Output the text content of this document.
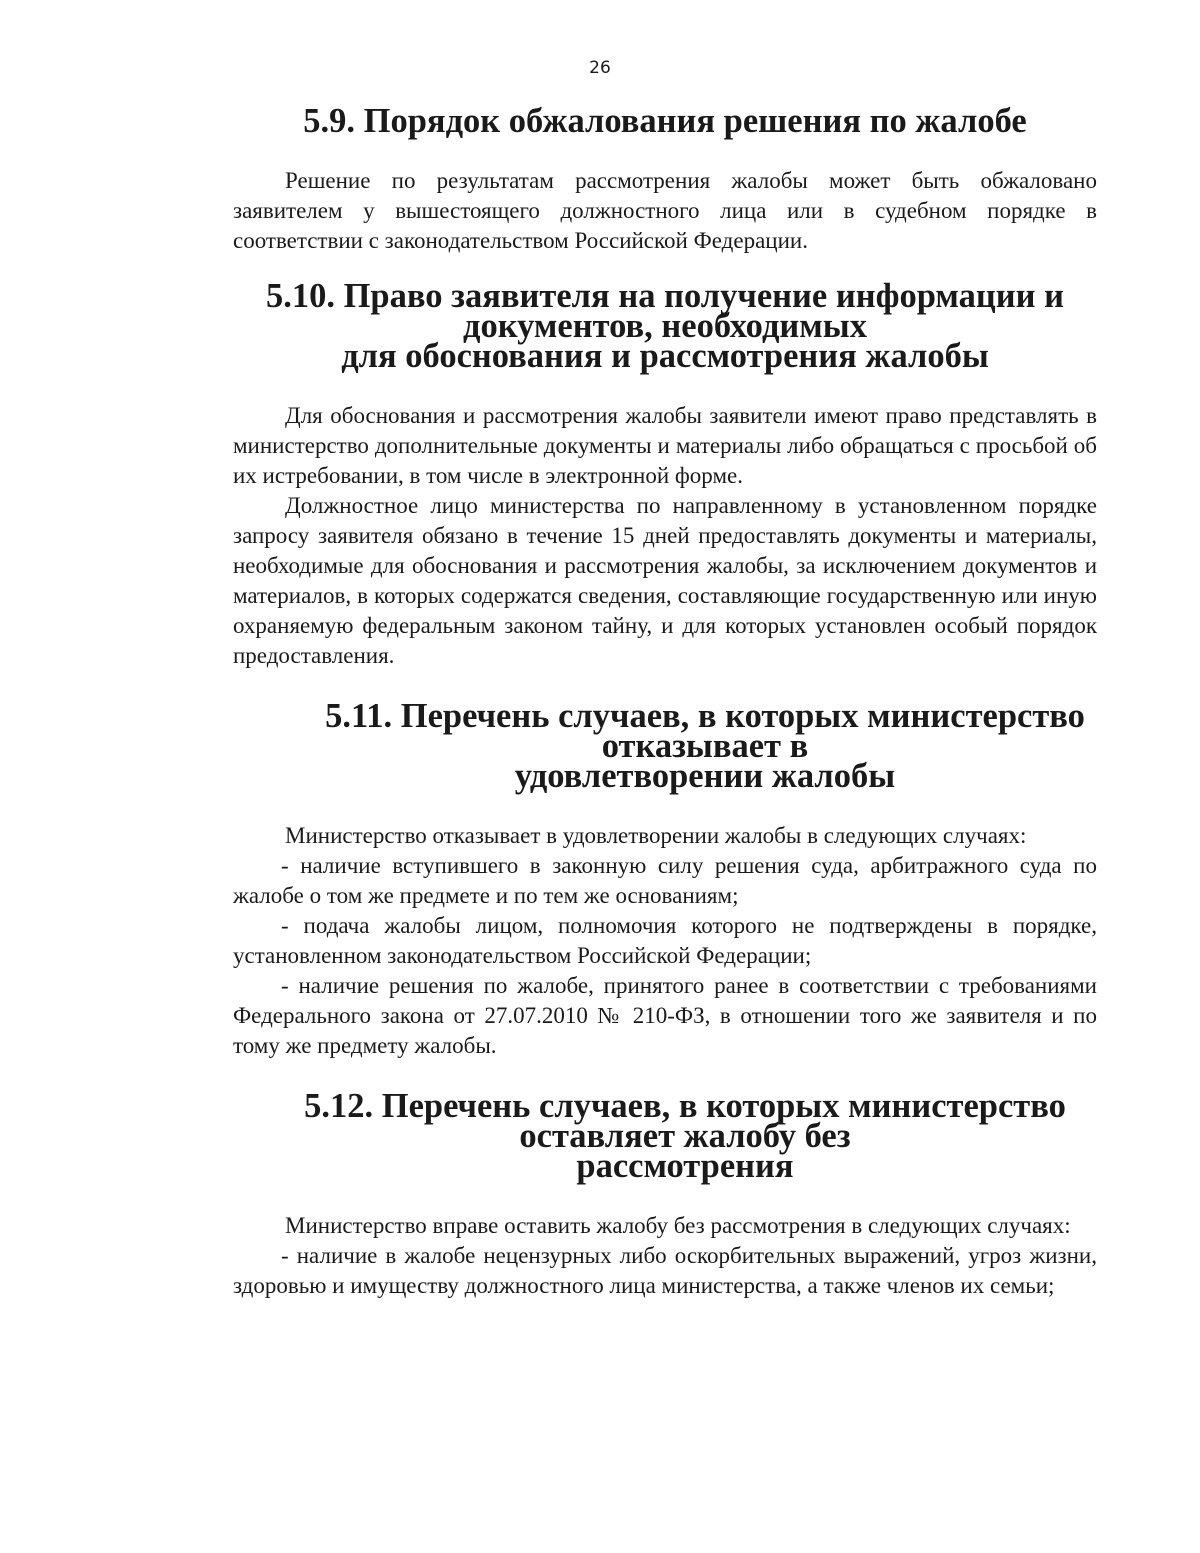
26
5.9. Порядок обжалования решения по жалобе

Решение по результатам рассмотрения жалобы может быть обжаловано заявителем у вышестоящего должностного лица или в судебном порядке в соответствии с законодательством Российской Федерации.

5.10. Право заявителя на получение информации и документов, необходимых
для обоснования и рассмотрения жалобы

Для обоснования и рассмотрения жалобы заявители имеют право представлять в министерство дополнительные документы и материалы либо обращаться с просьбой об их истребовании, в том числе в электронной форме.

Должностное лицо министерства по направленному в установленном порядке запросу заявителя обязано в течение 15 дней предоставлять документы и материалы, необходимые для обоснования и рассмотрения жалобы, за исключением документов и материалов, в которых содержатся сведения, составляющие государственную или иную охраняемую федеральным законом тайну, и для которых установлен особый порядок предоставления.

5.11. Перечень случаев, в которых министерство отказывает в
удовлетворении жалобы

Министерство отказывает в удовлетворении жалобы в следующих случаях:

- наличие вступившего в законную силу решения суда, арбитражного суда по жалобе о том же предмете и по тем же основаниям;

- подача жалобы лицом, полномочия которого не подтверждены в порядке, установленном законодательством Российской Федерации;

- наличие решения по жалобе, принятого ранее в соответствии с требованиями Федерального закона от 27.07.2010 № 210-ФЗ, в отношении того же заявителя и по тому же предмету жалобы.

5.12. Перечень случаев, в которых министерство оставляет жалобу без
рассмотрения

Министерство вправе оставить жалобу без рассмотрения в следующих случаях:

- наличие в жалобе нецензурных либо оскорбительных выражений, угроз жизни, здоровью и имуществу должностного лица министерства, а также членов их семьи;
